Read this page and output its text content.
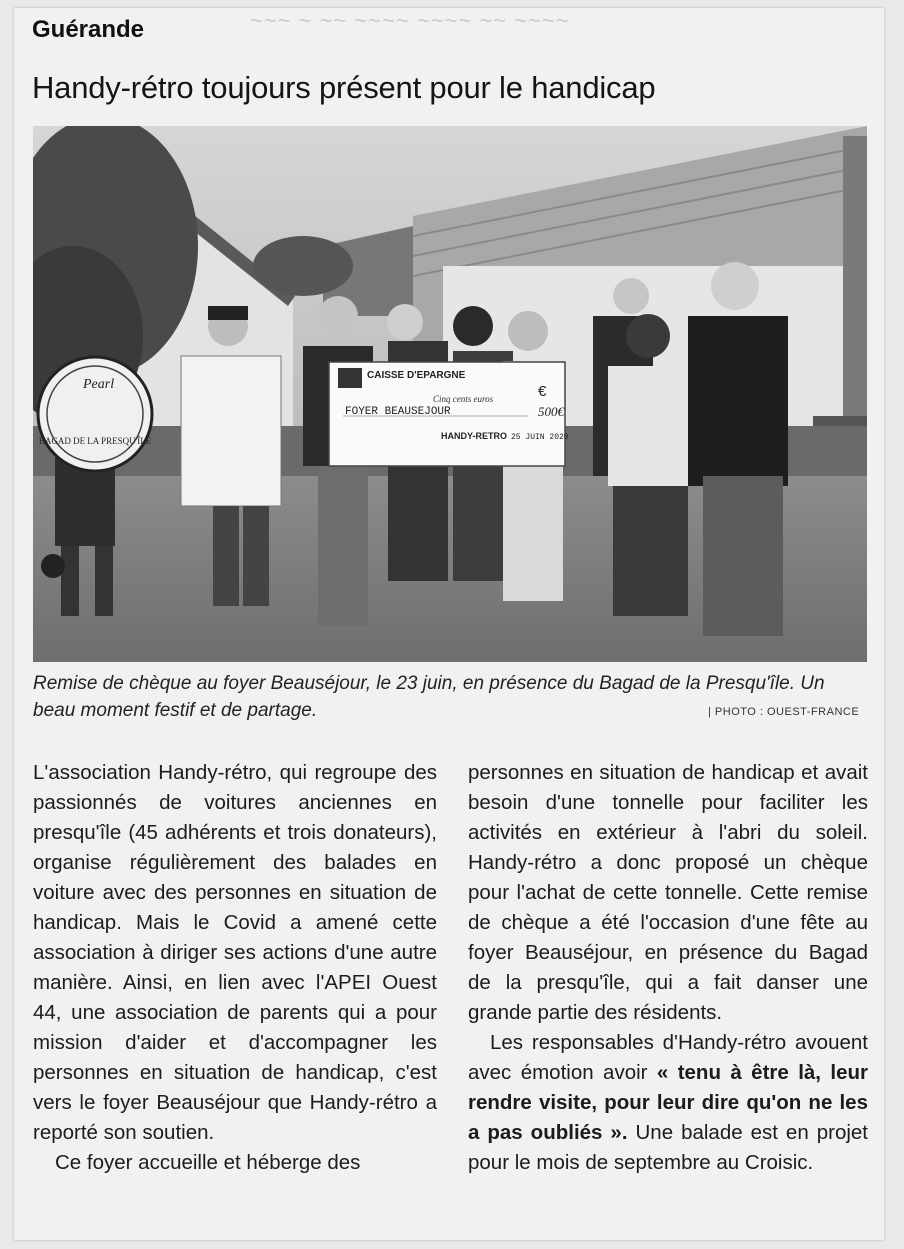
~~~ ~ ~~ ~~~~ ~~~~ ~~ ~~~~
Guérande
Handy-rétro toujours présent pour le handicap
Pearl
BAGAD DE LA PRESQU'ÎLE
CAISSE D'EPARGNE
€
500€
Cinq cents euros
FOYER BEAUSEJOUR
HANDY-RETRO 25 JUIN 2020
Remise de chèque au foyer Beauséjour, le 23 juin, en présence du Bagad de la Presqu'île. Un beau moment festif et de partage.	| PHOTO : OUEST-FRANCE

L'association Handy-rétro, qui regroupe des passionnés de voitures anciennes en presqu'île (45 adhérents et trois donateurs), organise régulièrement des balades en voiture avec des personnes en situation de handicap. Mais le Covid a amené cette association à diriger ses actions d'une autre manière. Ainsi, en lien avec l'APEI Ouest 44, une association de parents qui a pour mission d'aider et d'accompagner les personnes en situation de handicap, c'est vers le foyer Beauséjour que Handy-rétro a reporté son soutien.

Ce foyer accueille et héberge des

personnes en situation de handicap et avait besoin d'une tonnelle pour faciliter les activités en extérieur à l'abri du soleil. Handy-rétro a donc proposé un chèque pour l'achat de cette tonnelle. Cette remise de chèque a été l'occasion d'une fête au foyer Beauséjour, en présence du Bagad de la presqu'île, qui a fait danser une grande partie des résidents.

Les responsables d'Handy-rétro avouent avec émotion avoir « tenu à être là, leur rendre visite, pour leur dire qu'on ne les a pas oubliés ». Une balade est en projet pour le mois de septembre au Croisic.
